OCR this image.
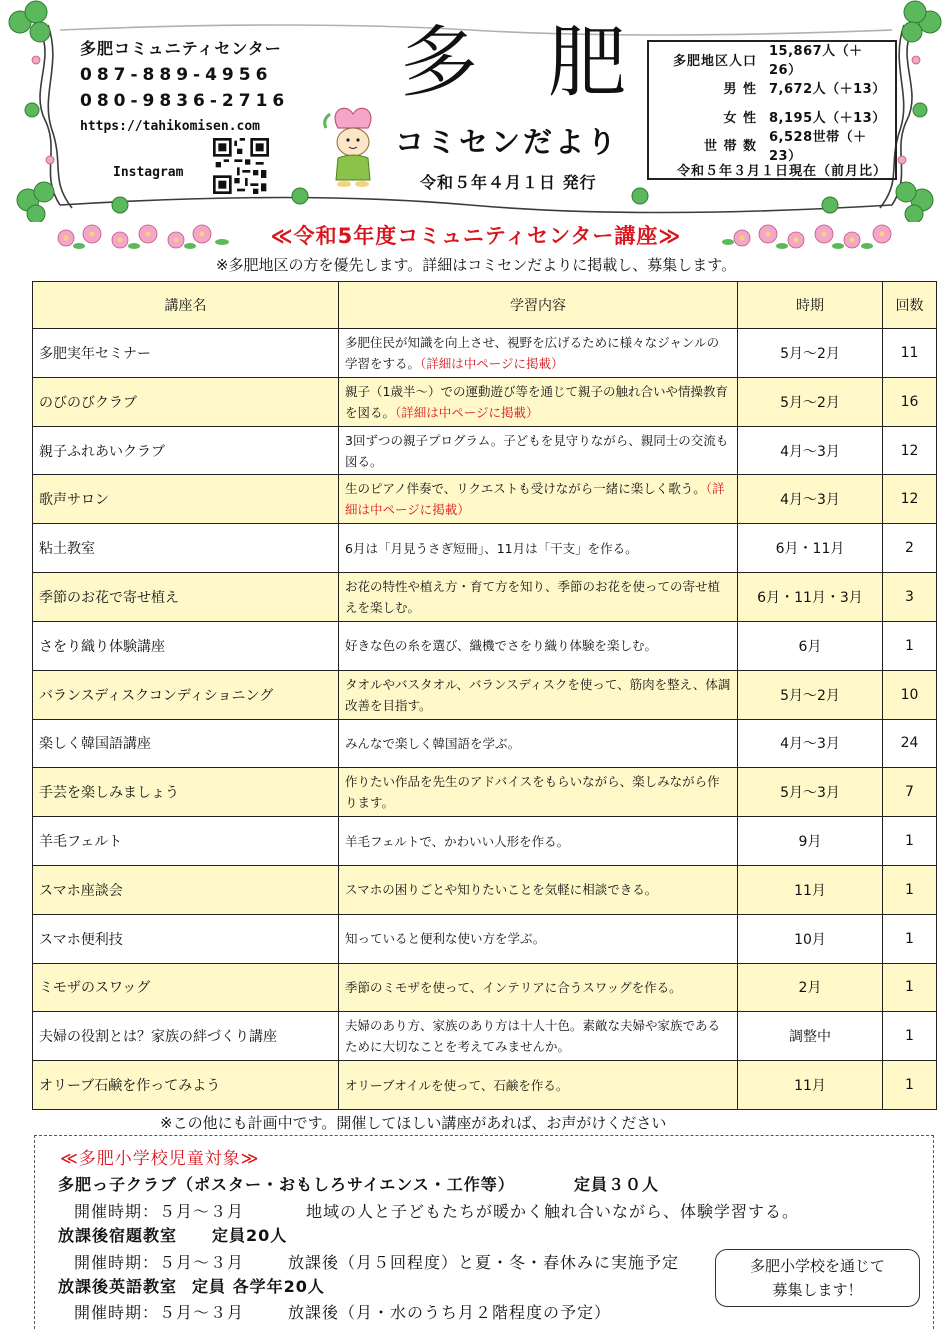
多肥コミュニティセンター
087-889-4956
080-9836-2716
https://tahikomisen.com
Instagram
多肥
コミセンだより
令和５年４月１日 発行
多肥地区人口
15,867人（＋26）
男 性 7,672人（＋13）
女 性 8,195人（＋13）
世 帯 数
6,528世帯（＋23）
令和５年３月１日現在（前月比）
≪令和5年度コミュニティセンター講座≫
※多肥地区の方を優先します。詳細はコミセンだよりに掲載し、募集します。
講座名	学習内容	時期	回数
多肥実年セミナー	多肥住民が知識を向上させ、視野を広げるために様々なジャンルの学習をする。（詳細は中ページに掲載）	5月～2月	11
のびのびクラブ	親子（1歳半～）での運動遊び等を通じて親子の触れ合いや情操教育を図る。（詳細は中ページに掲載）	5月～2月	16
親子ふれあいクラブ	3回ずつの親子プログラム。子どもを見守りながら、親同士の交流も図る。	4月～3月	12
歌声サロン	生のピアノ伴奏で、リクエストも受けながら一緒に楽しく歌う。（詳細は中ページに掲載）	4月～3月	12
粘土教室	6月は「月見うさぎ短冊」、11月は「干支」を作る。	6月・11月	2
季節のお花で寄せ植え	お花の特性や植え方・育て方を知り、季節のお花を使っての寄せ植えを楽しむ。	6月・11月・3月	3
さをり織り体験講座	好きな色の糸を選び、織機でさをり織り体験を楽しむ。	6月	1
バランスディスクコンディショニング	タオルやバスタオル、バランスディスクを使って、筋肉を整え、体調改善を目指す。	5月～2月	10
楽しく韓国語講座	みんなで楽しく韓国語を学ぶ。	4月～3月	24
手芸を楽しみましょう	作りたい作品を先生のアドバイスをもらいながら、楽しみながら作ります。	5月～3月	7
羊毛フェルト	羊毛フェルトで、かわいい人形を作る。	9月	1
スマホ座談会	スマホの困りごとや知りたいことを気軽に相談できる。	11月	1
スマホ便利技	知っていると便利な使い方を学ぶ。	10月	1
ミモザのスワッグ	季節のミモザを使って、インテリアに合うスワッグを作る。	2月	1
夫婦の役割とは？家族の絆づくり講座	夫婦のあり方、家族のあり方は十人十色。素敵な夫婦や家族であるために大切なことを考えてみませんか。	調整中	1
オリーブ石鹸を作ってみよう	オリーブオイルを使って、石鹸を作る。	11月	1
※この他にも計画中です。開催してほしい講座があれば、お声がけください
≪多肥小学校児童対象≫
多肥っ子クラブ（ポスター・おもしろサイエンス・工作等）	定員３０人
開催時期：５月～３月	地域の人と子どもたちが暖かく触れ合いながら、体験学習する。
放課後宿題教室 定員20人
開催時期：５月～３月	放課後（月５回程度）と夏・冬・春休みに実施予定
放課後英語教室 定員 各学年20人
開催時期：５月～３月	放課後（月・水のうち月２階程度の予定）
多肥小学校を通じて
募集します！
